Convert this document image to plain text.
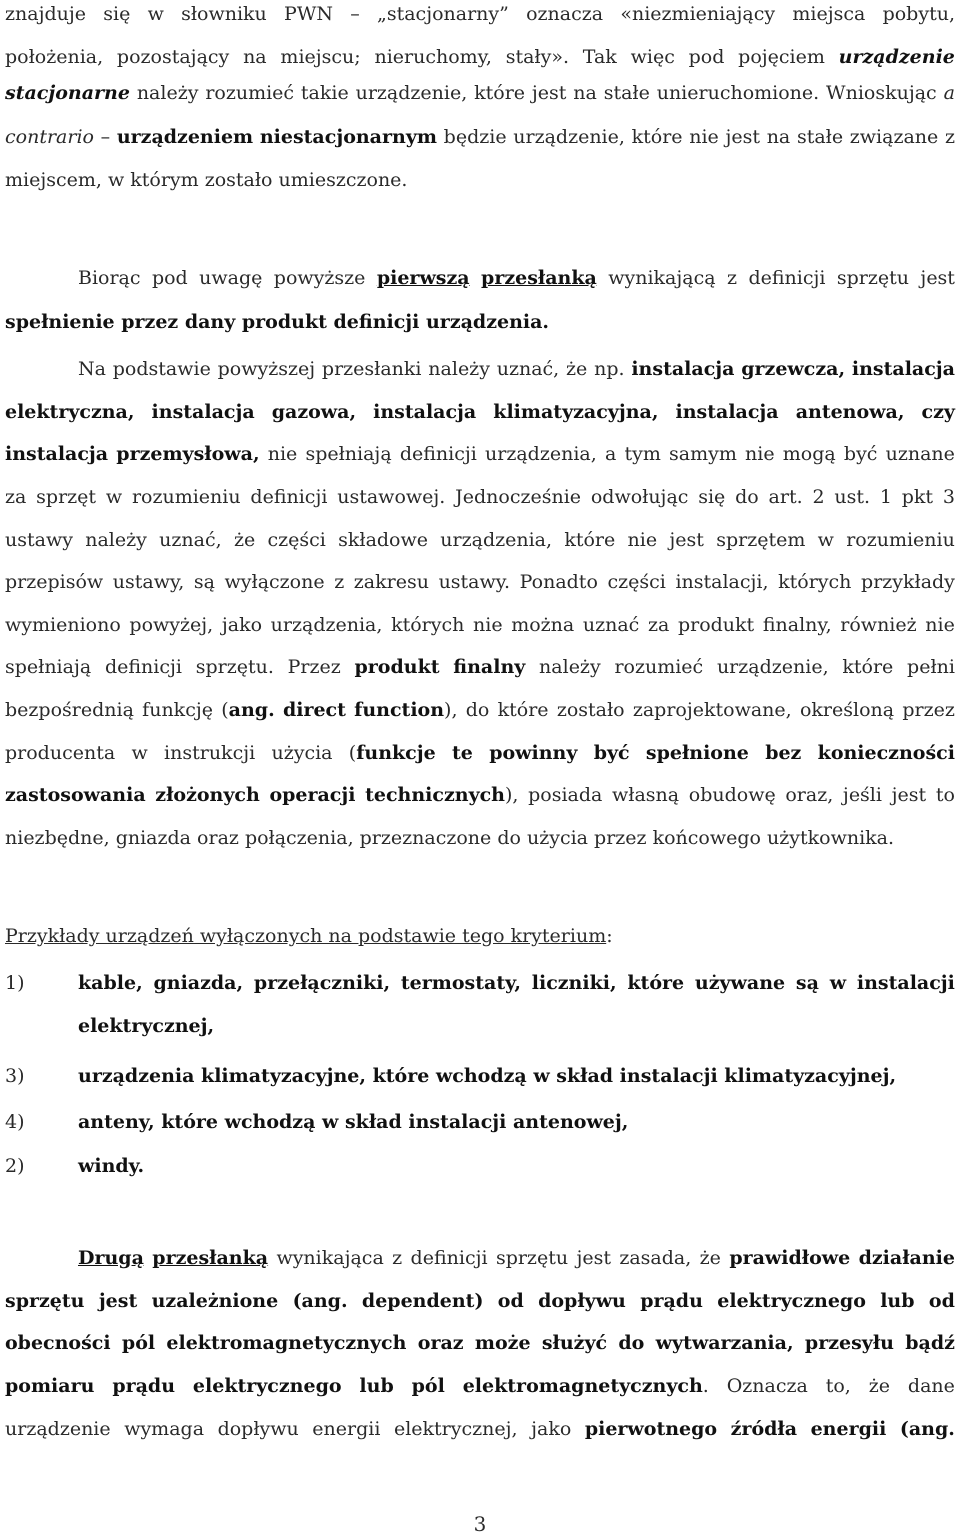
znajduje się w słowniku PWN – „stacjonarny” oznacza «niezmieniający miejsca pobytu,
położenia, pozostający na miejscu; nieruchomy, stały». Tak więc pod pojęciem urządzenie
stacjonarne należy rozumieć takie urządzenie, które jest na stałe unieruchomione. Wnioskując a
contrario – urządzeniem niestacjonarnym będzie urządzenie, które nie jest na stałe związane z
miejscem, w którym zostało umieszczone.
Biorąc pod uwagę powyższe pierwszą przesłanką wynikającą z definicji sprzętu jest
spełnienie przez dany produkt definicji urządzenia.
Na podstawie powyższej przesłanki należy uznać, że np. instalacja grzewcza, instalacja
elektryczna, instalacja gazowa, instalacja klimatyzacyjna, instalacja antenowa, czy
instalacja przemysłowa, nie spełniają definicji urządzenia, a tym samym nie mogą być uznane
za sprzęt w rozumieniu definicji ustawowej. Jednocześnie odwołując się do art. 2 ust. 1 pkt 3
ustawy należy uznać, że części składowe urządzenia, które nie jest sprzętem w rozumieniu
przepisów ustawy, są wyłączone z zakresu ustawy. Ponadto części instalacji, których przykłady
wymieniono powyżej, jako urządzenia, których nie można uznać za produkt finalny, również nie
spełniają definicji sprzętu. Przez produkt finalny należy rozumieć urządzenie, które pełni
bezpośrednią funkcję (ang. direct function), do które zostało zaprojektowane, określoną przez
producenta w instrukcji użycia (funkcje te powinny być spełnione bez konieczności
zastosowania złożonych operacji technicznych), posiada własną obudowę oraz, jeśli jest to
niezbędne, gniazda oraz połączenia, przeznaczone do użycia przez końcowego użytkownika.
Przykłady urządzeń wyłączonych na podstawie tego kryterium :
1)	kable, gniazda, przełączniki, termostaty, liczniki, które używane są w instalacji
elektrycznej,
3)	urządzenia klimatyzacyjne, które wchodzą w skład instalacji klimatyzacyjnej,
4)	anteny, które wchodzą w skład instalacji antenowej,
2)	windy.
Drugą przesłanką wynikająca z definicji sprzętu jest zasada, że prawidłowe działanie
sprzętu jest uzależnione (ang. dependent) od dopływu prądu elektrycznego lub od
obecności pól elektromagnetycznych oraz może służyć do wytwarzania, przesyłu bądź
pomiaru prądu elektrycznego lub pól elektromagnetycznych. Oznacza to, że dane
urządzenie wymaga dopływu energii elektrycznej, jako pierwotnego źródła energii (ang.
3
